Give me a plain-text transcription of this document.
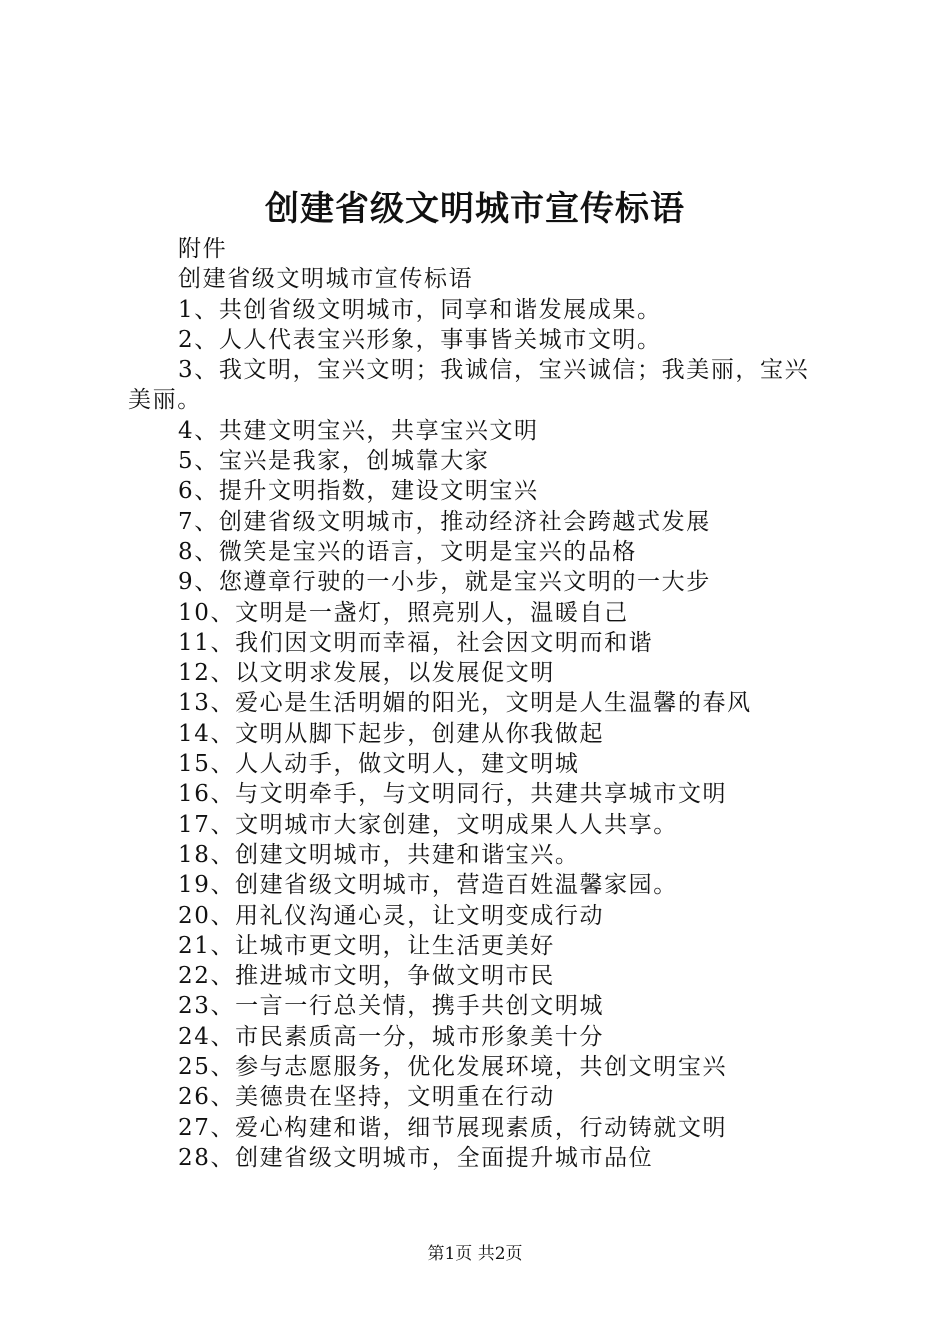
创建省级文明城市宣传标语

附件

创建省级文明城市宣传标语

1、共创省级文明城市，同享和谐发展成果。

2、人人代表宝兴形象，事事皆关城市文明。

3、我文明，宝兴文明；我诚信，宝兴诚信；我美丽，宝兴美丽。

4、共建文明宝兴，共享宝兴文明

5、宝兴是我家，创城靠大家

6、提升文明指数，建设文明宝兴

7、创建省级文明城市，推动经济社会跨越式发展

8、微笑是宝兴的语言，文明是宝兴的品格

9、您遵章行驶的一小步，就是宝兴文明的一大步

10、文明是一盏灯，照亮别人，温暖自己

11、我们因文明而幸福，社会因文明而和谐

12、以文明求发展，以发展促文明

13、爱心是生活明媚的阳光，文明是人生温馨的春风

14、文明从脚下起步，创建从你我做起

15、人人动手，做文明人，建文明城

16、与文明牵手，与文明同行，共建共享城市文明

17、文明城市大家创建，文明成果人人共享。

18、创建文明城市，共建和谐宝兴。

19、创建省级文明城市，营造百姓温馨家园。

20、用礼仪沟通心灵，让文明变成行动

21、让城市更文明，让生活更美好

22、推进城市文明，争做文明市民

23、一言一行总关情，携手共创文明城

24、市民素质高一分，城市形象美十分

25、参与志愿服务，优化发展环境，共创文明宝兴

26、美德贵在坚持，文明重在行动

27、爱心构建和谐，细节展现素质，行动铸就文明

28、创建省级文明城市，全面提升城市品位

第1页 共2页
